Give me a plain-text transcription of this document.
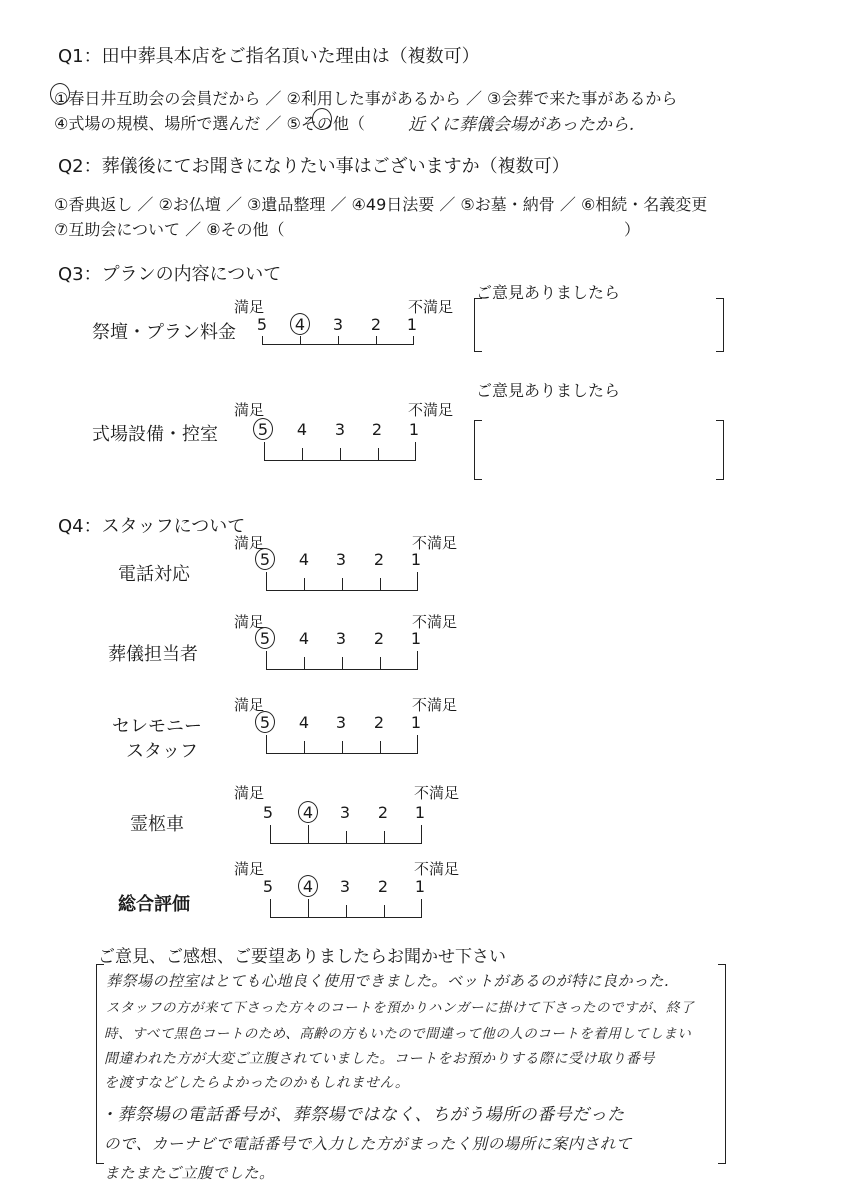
Q1：田中葬具本店をご指名頂いた理由は（複数可）
①春日井互助会の会員だから ／ ②利用した事があるから ／ ③会葬で来た事があるから
④式場の規模、場所で選んだ ／ ⑤その他（	近くに葬儀会場があったから.
Q2：葬儀後にてお聞きになりたい事はございますか（複数可）
①香典返し ／ ②お仏壇 ／ ③遺品整理 ／ ④49日法要 ／ ⑤お墓・納骨 ／ ⑥相続・名義変更
⑦互助会について ／ ⑧その他（	）
Q3：プランの内容について
祭壇・プラン料金
満足	不満足
5	4	3	2	1
ご意見ありましたら
式場設備・控室
満足	不満足
5	4	3	2	1
ご意見ありましたら
Q4：スタッフについて
電話対応
満足	不満足
5	4	3	2	1
葬儀担当者
満足	不満足
5	4	3	2	1
セレモニー
スタッフ
満足	不満足
5	4	3	2	1
霊柩車
満足	不満足
5	4	3	2	1
総合評価
満足	不満足
5	4	3	2	1
ご意見、ご感想、ご要望ありましたらお聞かせ下さい
葬祭場の控室はとても心地良く使用できました。ベットがあるのが特に良かった.
スタッフの方が来て下さった方々のコートを預かりハンガーに掛けて下さったのですが、終了
時、すべて黒色コートのため、高齢の方もいたので間違って他の人のコートを着用してしまい
間違われた方が大変ご立腹されていました。コートをお預かりする際に受け取り番号
を渡すなどしたらよかったのかもしれません。
・葬祭場の電話番号が、葬祭場ではなく、ちがう場所の番号だった
ので、カーナビで電話番号で入力した方がまったく別の場所に案内されて
またまたご立腹でした。
